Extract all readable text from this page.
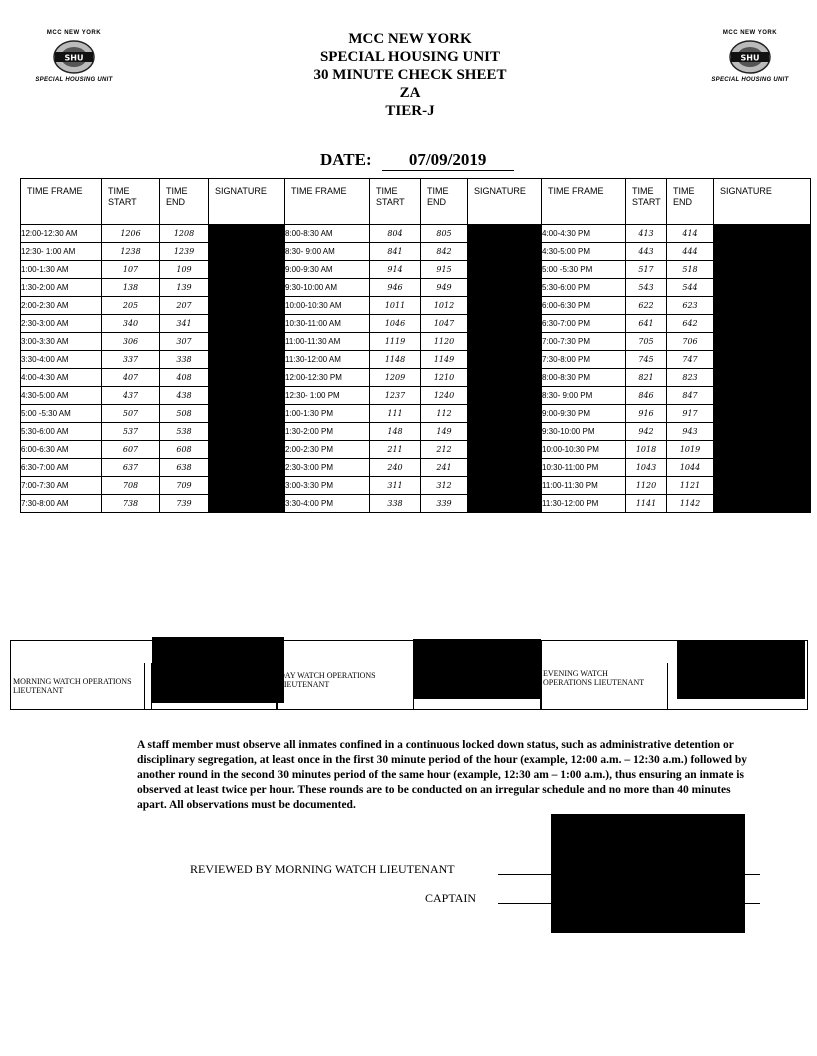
MCC NEW YORK
SHU
SPECIAL HOUSING UNIT
MCC NEW YORK
SHU
SPECIAL HOUSING UNIT
MCC NEW YORK
SPECIAL HOUSING UNIT
30 MINUTE CHECK SHEET
ZA
TIER-J
DATE: 07/09/2019
TIME FRAME	TIME START	TIME END	SIGNATURE	TIME FRAME	TIME START	TIME END	SIGNATURE	TIME FRAME	TIME START	TIME END	SIGNATURE
12:00-12:30 AM	1206	1208		8:00-8:30 AM	804	805		4:00-4:30 PM	413	414	
12:30- 1:00 AM	1238	1239		8:30- 9:00 AM	841	842		4:30-5:00 PM	443	444	
1:00-1:30 AM	107	109		9:00-9:30 AM	914	915		5:00 -5:30 PM	517	518	
1:30-2:00 AM	138	139		9:30-10:00 AM	946	949		5:30-6:00 PM	543	544	
2:00-2:30 AM	205	207		10:00-10:30 AM	1011	1012		6:00-6:30 PM	622	623	
2:30-3:00 AM	340	341		10:30-11:00 AM	1046	1047		6:30-7:00 PM	641	642	
3:00-3:30 AM	306	307		11:00-11:30 AM	1119	1120		7:00-7:30 PM	705	706	
3:30-4:00 AM	337	338		11:30-12:00 AM	1148	1149		7:30-8:00 PM	745	747	
4:00-4:30 AM	407	408		12:00-12:30 PM	1209	1210		8:00-8:30 PM	821	823	
4:30-5:00 AM	437	438		12:30- 1:00 PM	1237	1240		8:30- 9:00 PM	846	847	
5:00 -5:30 AM	507	508		1:00-1:30 PM	111	112		9:00-9:30 PM	916	917	
5:30-6:00 AM	537	538		1:30-2:00 PM	148	149		9:30-10:00 PM	942	943	
6:00-6:30 AM	607	608		2:00-2:30 PM	211	212		10:00-10:30 PM	1018	1019	
6:30-7:00 AM	637	638		2:30-3:00 PM	240	241		10:30-11:00 PM	1043	1044	
7:00-7:30 AM	708	709		3:00-3:30 PM	311	312		11:00-11:30 PM	1120	1121	
7:30-8:00 AM	738	739		3:30-4:00 PM	338	339		11:30-12:00 PM	1141	1142	
MORNING WATCH OPERATIONS LIEUTENANT
DAY WATCH OPERATIONS LIEUTENANT
EVENING WATCH OPERATIONS LIEUTENANT
A staff member must observe all inmates confined in a continuous locked down status, such as administrative detention or disciplinary segregation, at least once in the first 30 minute period of the hour (example, 12:00 a.m. – 12:30 a.m.) followed by another round in the second 30 minutes period of the same hour (example, 12:30 am – 1:00 a.m.), thus ensuring an inmate is observed at least twice per hour. These rounds are to be conducted on an irregular schedule and no more than 40 minutes apart. All observations must be documented.
REVIEWED BY MORNING WATCH LIEUTENANT
CAPTAIN
